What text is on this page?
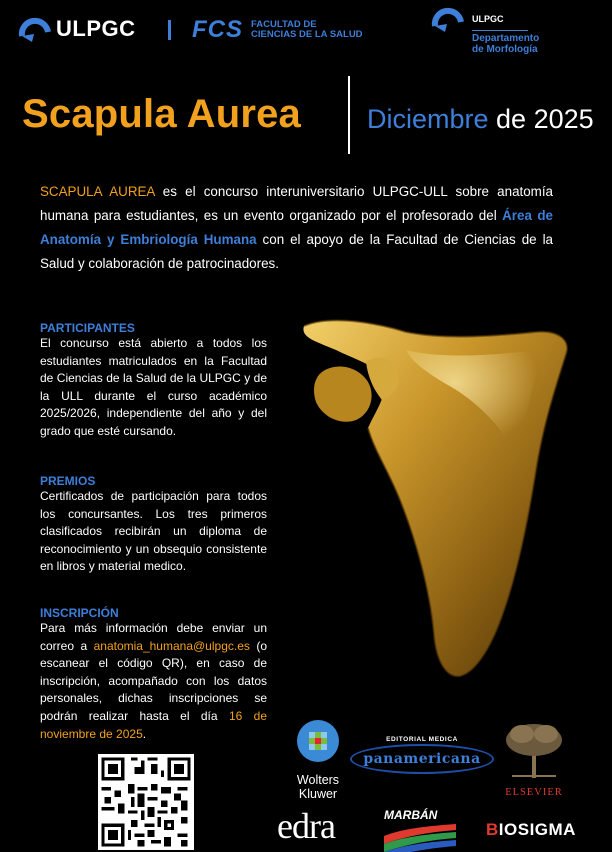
ULPGC FCS FACULTAD DE
CIENCIAS DE LA SALUD
ULPGC
Departamento
de Morfología
Scapula Aurea Diciembre de 2025

SCAPULA AUREA es el concurso interuniversitario ULPGC-ULL sobre anatomía humana para estudiantes, es un evento organizado por el profesorado del Área de Anatomía y Embriología Humana con el apoyo de la Facultad de Ciencias de la Salud y colaboración de patrocinadores.

PARTICIPANTES

El concurso está abierto a todos los estudiantes matriculados en la Facultad de Ciencias de la Salud de la ULPGC y de la ULL durante el curso académico 2025/2026, independiente del año y del grado que esté cursando.

PREMIOS

Certificados de participación para todos los concursantes. Los tres primeros clasificados recibirán un diploma de reconocimiento y un obsequio consistente en libros y material medico.

INSCRIPCIÓN

Para más información debe enviar un correo a anatomia_humana@ulpgc.es (o escanear el código QR), en caso de inscripción, acompañado con los datos personales, dichas inscripciones se podrán realizar hasta el día 16 de noviembre de 2025.

Wolters
Kluwer
EDITORIAL MEDICA
panamericana
ELSEVIER
edra	MARBÁN
BIOSIGMA
